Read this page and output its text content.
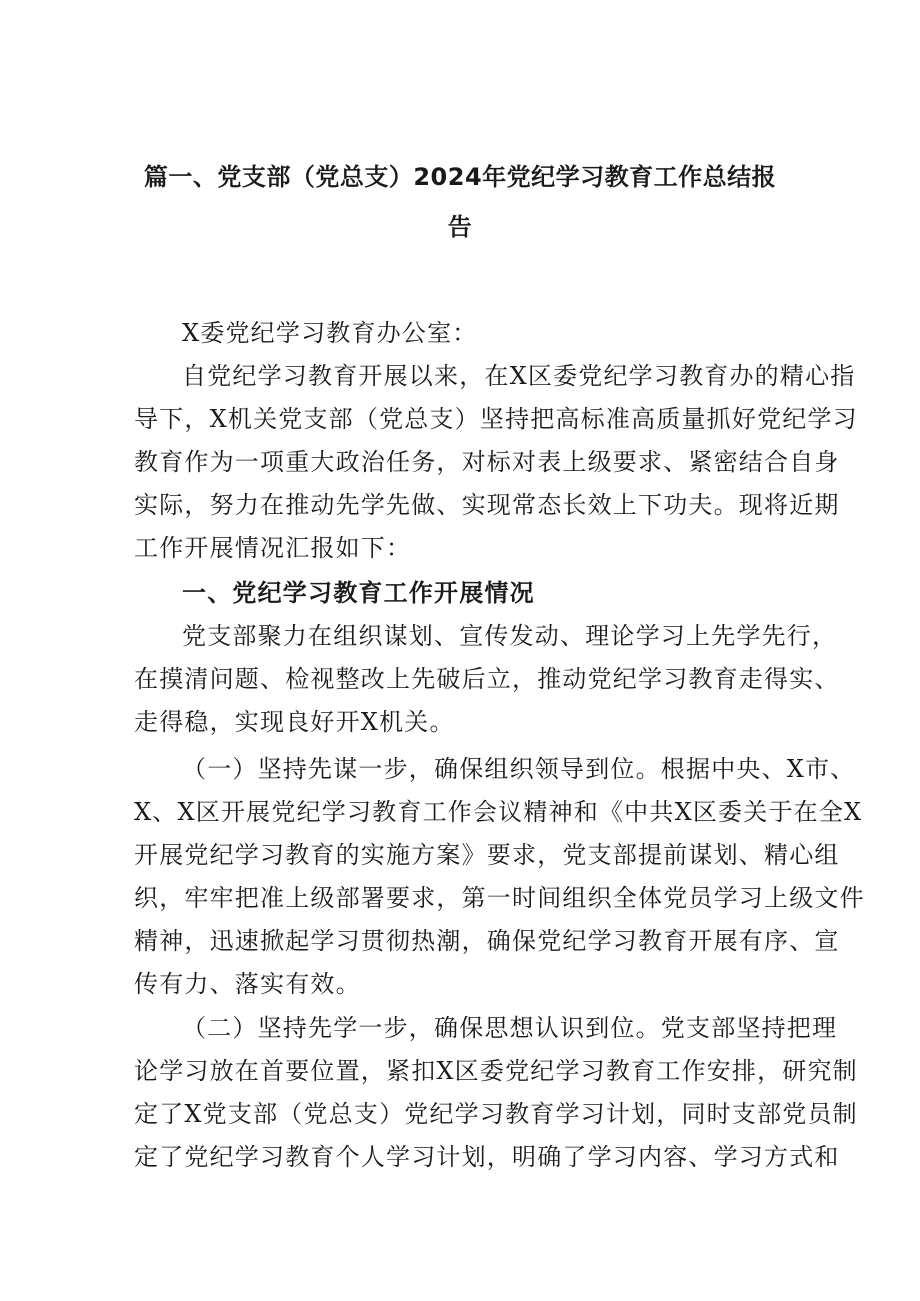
篇一、党支部（党总支）2024年党纪学习教育工作总结报
告
X委党纪学习教育办公室：
自党纪学习教育开展以来，在X区委党纪学习教育办的精心指
导下，X机关党支部（党总支）坚持把高标准高质量抓好党纪学习
教育作为一项重大政治任务，对标对表上级要求、紧密结合自身
实际，努力在推动先学先做、实现常态长效上下功夫。现将近期
工作开展情况汇报如下：
一、党纪学习教育工作开展情况
党支部聚力在组织谋划、宣传发动、理论学习上先学先行，
在摸清问题、检视整改上先破后立，推动党纪学习教育走得实、
走得稳，实现良好开X机关。
（一）坚持先谋一步，确保组织领导到位。根据中央、X市、
X、X区开展党纪学习教育工作会议精神和《中共X区委关于在全X
开展党纪学习教育的实施方案》要求，党支部提前谋划、精心组
织，牢牢把准上级部署要求，第一时间组织全体党员学习上级文件
精神，迅速掀起学习贯彻热潮，确保党纪学习教育开展有序、宣
传有力、落实有效。
（二）坚持先学一步，确保思想认识到位。党支部坚持把理
论学习放在首要位置，紧扣X区委党纪学习教育工作安排，研究制
定了X党支部（党总支）党纪学习教育学习计划，同时支部党员制
定了党纪学习教育个人学习计划，明确了学习内容、学习方式和
